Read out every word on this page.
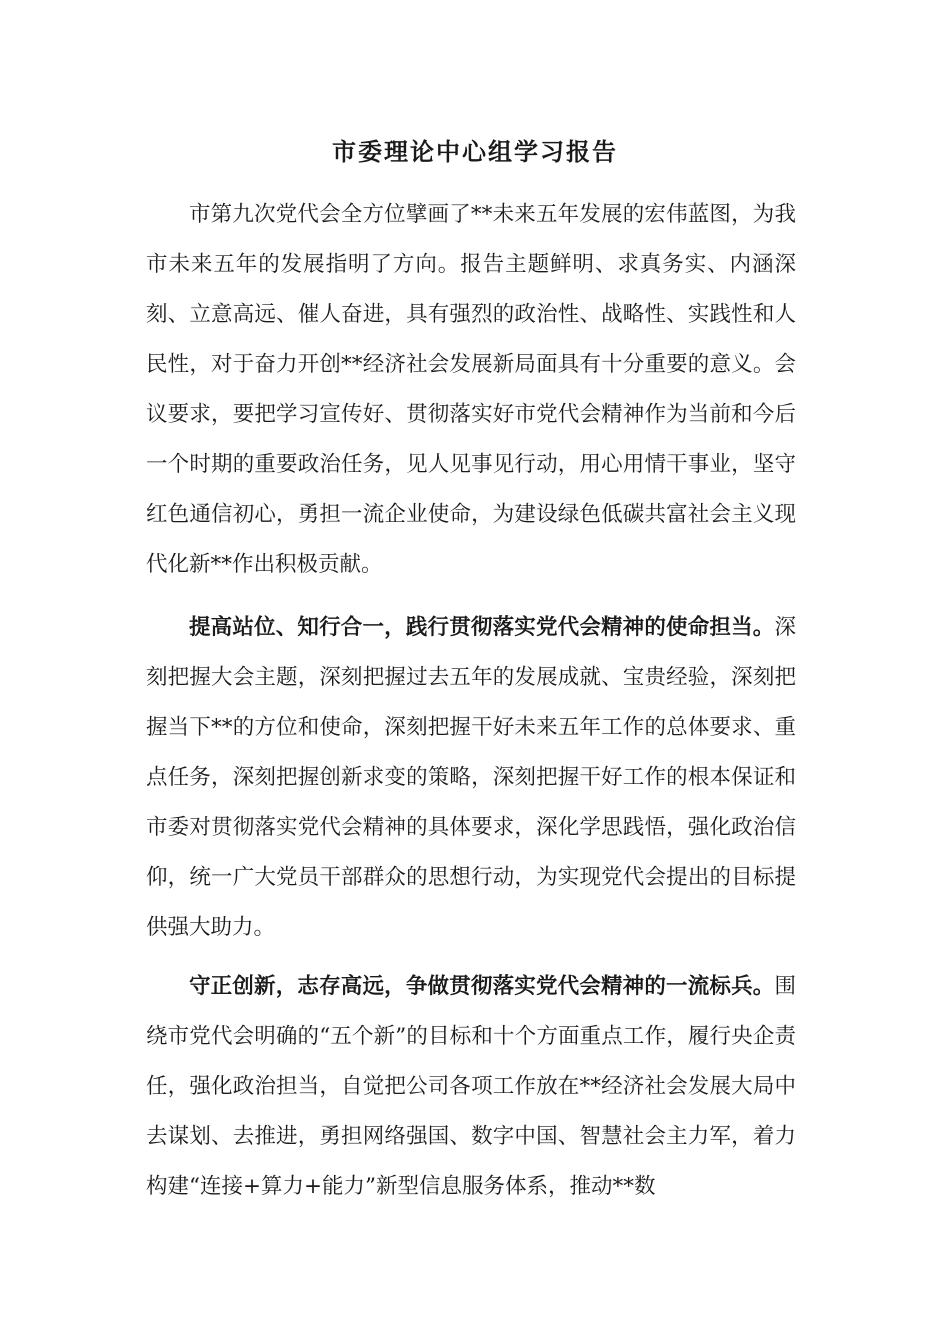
市委理论中心组学习报告

市第九次党代会全方位擘画了**未来五年发展的宏伟蓝图，为我市未来五年的发展指明了方向。报告主题鲜明、求真务实、内涵深刻、立意高远、催人奋进，具有强烈的政治性、战略性、实践性和人民性，对于奋力开创**经济社会发展新局面具有十分重要的意义。会议要求，要把学习宣传好、贯彻落实好市党代会精神作为当前和今后一个时期的重要政治任务，见人见事见行动，用心用情干事业，坚守红色通信初心，勇担一流企业使命，为建设绿色低碳共富社会主义现代化新**作出积极贡献。

提高站位、知行合一，践行贯彻落实党代会精神的使命担当。深刻把握大会主题，深刻把握过去五年的发展成就、宝贵经验，深刻把握当下**的方位和使命，深刻把握干好未来五年工作的总体要求、重点任务，深刻把握创新求变的策略，深刻把握干好工作的根本保证和市委对贯彻落实党代会精神的具体要求，深化学思践悟，强化政治信仰，统一广大党员干部群众的思想行动，为实现党代会提出的目标提供强大助力。

守正创新，志存高远，争做贯彻落实党代会精神的一流标兵。围绕市党代会明确的“五个新”的目标和十个方面重点工作，履行央企责任，强化政治担当，自觉把公司各项工作放在**经济社会发展大局中去谋划、去推进，勇担网络强国、数字中国、智慧社会主力军，着力构建“连接+算力+能力”新型信息服务体系，推动**数
